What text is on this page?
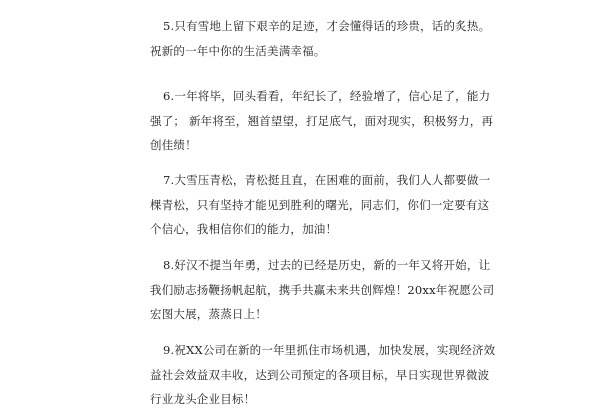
5.只有雪地上留下艰辛的足迹，才会懂得话的珍贵，话的炙热。
祝新的一年中你的生活美满幸福。

6.一年将毕，回头看看，年纪长了，经验增了，信心足了，能力
强了； 新年将至，翘首望望，打足底气，面对现实，积极努力，再
创佳绩！

7.大雪压青松，青松挺且直，在困难的面前，我们人人都要做一
棵青松，只有坚持才能见到胜利的曙光，同志们，你们一定要有这
个信心，我相信你们的能力，加油！

8.好汉不提当年勇，过去的已经是历史，新的一年又将开始，让
我们励志扬鞭扬帆起航，携手共赢未来共创辉煌！20xx年祝愿公司
宏图大展，蒸蒸日上！

9.祝XX公司在新的一年里抓住市场机遇，加快发展，实现经济效
益社会效益双丰收，达到公司预定的各项目标，早日实现世界微波
行业龙头企业目标！
